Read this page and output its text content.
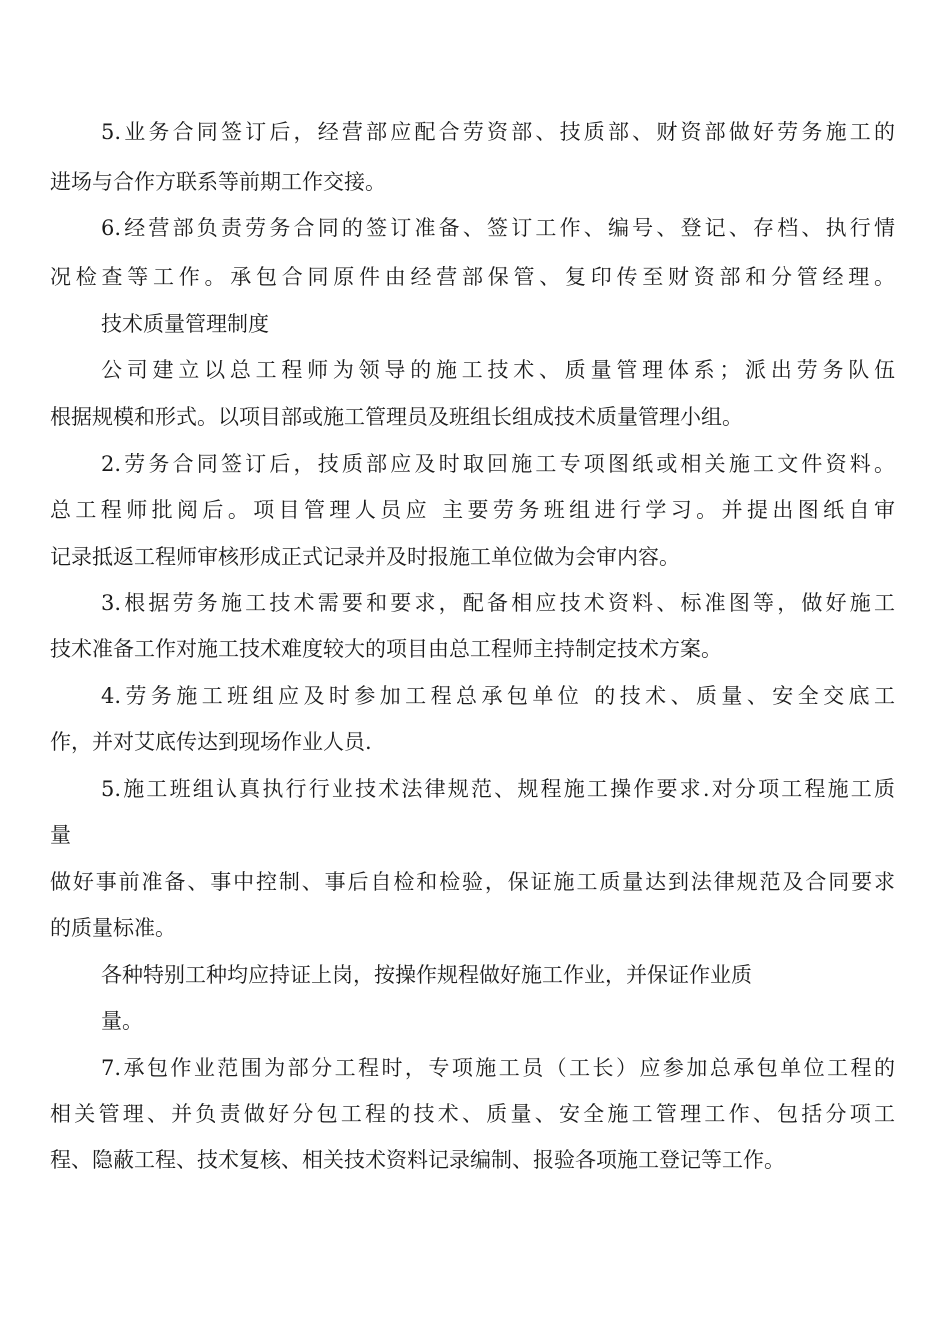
5.业务合同签订后，经营部应配合劳资部、技质部、财资部做好劳务施工的
进场与合作方联系等前期工作交接。
6.经营部负责劳务合同的签订准备、签订工作、编号、登记、存档、执行情
况检查等工作。承包合同原件由经营部保管、复印传至财资部和分管经理。
技术质量管理制度
公司建立以总工程师为领导的施工技术、质量管理体系；派出劳务队伍
根据规模和形式。以项目部或施工管理员及班组长组成技术质量管理小组。
2.劳务合同签订后，技质部应及时取回施工专项图纸或相关施工文件资料。
总工程师批阅后。项目管理人员应 主要劳务班组进行学习。并提出图纸自审
记录抵返工程师审核形成正式记录并及时报施工单位做为会审内容。
3.根据劳务施工技术需要和要求，配备相应技术资料、标准图等，做好施工
技术准备工作对施工技术难度较大的项目由总工程师主持制定技术方案。
4.劳务施工班组应及时参加工程总承包单位 的技术、质量、安全交底工
作，并对艾底传达到现场作业人员.
5.施工班组认真执行行业技术法律规范、规程施工操作要求.对分项工程施工质
量
做好事前准备、事中控制、事后自检和检验，保证施工质量达到法律规范及合同要求
的质量标准。
各种特别工种均应持证上岗，按操作规程做好施工作业，并保证作业质
量。
7.承包作业范围为部分工程时，专项施工员（工长）应参加总承包单位工程的
相关管理、并负责做好分包工程的技术、质量、安全施工管理工作、包括分项工
程、隐蔽工程、技术复核、相关技术资料记录编制、报验各项施工登记等工作。
